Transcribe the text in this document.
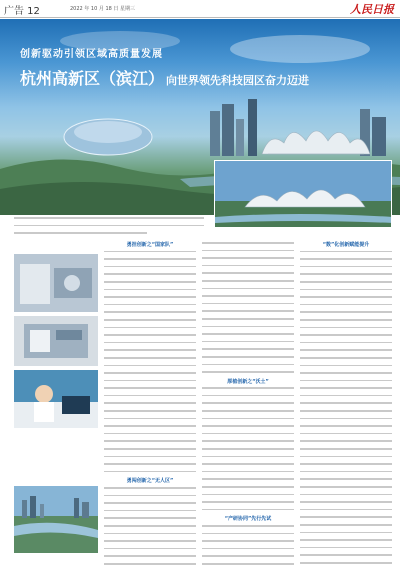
广告 12	2022 年 10 月 18 日 星期三	人民日报
创新驱动引领区域高质量发展
杭州高新区（滨江） 向世界领先科技园区奋力迈进
勇担创新之“国家队”
勇闯创新之“无人区”
厚植创新之“沃土”
“产研协同”先行先试
“数”化创新赋能提升
